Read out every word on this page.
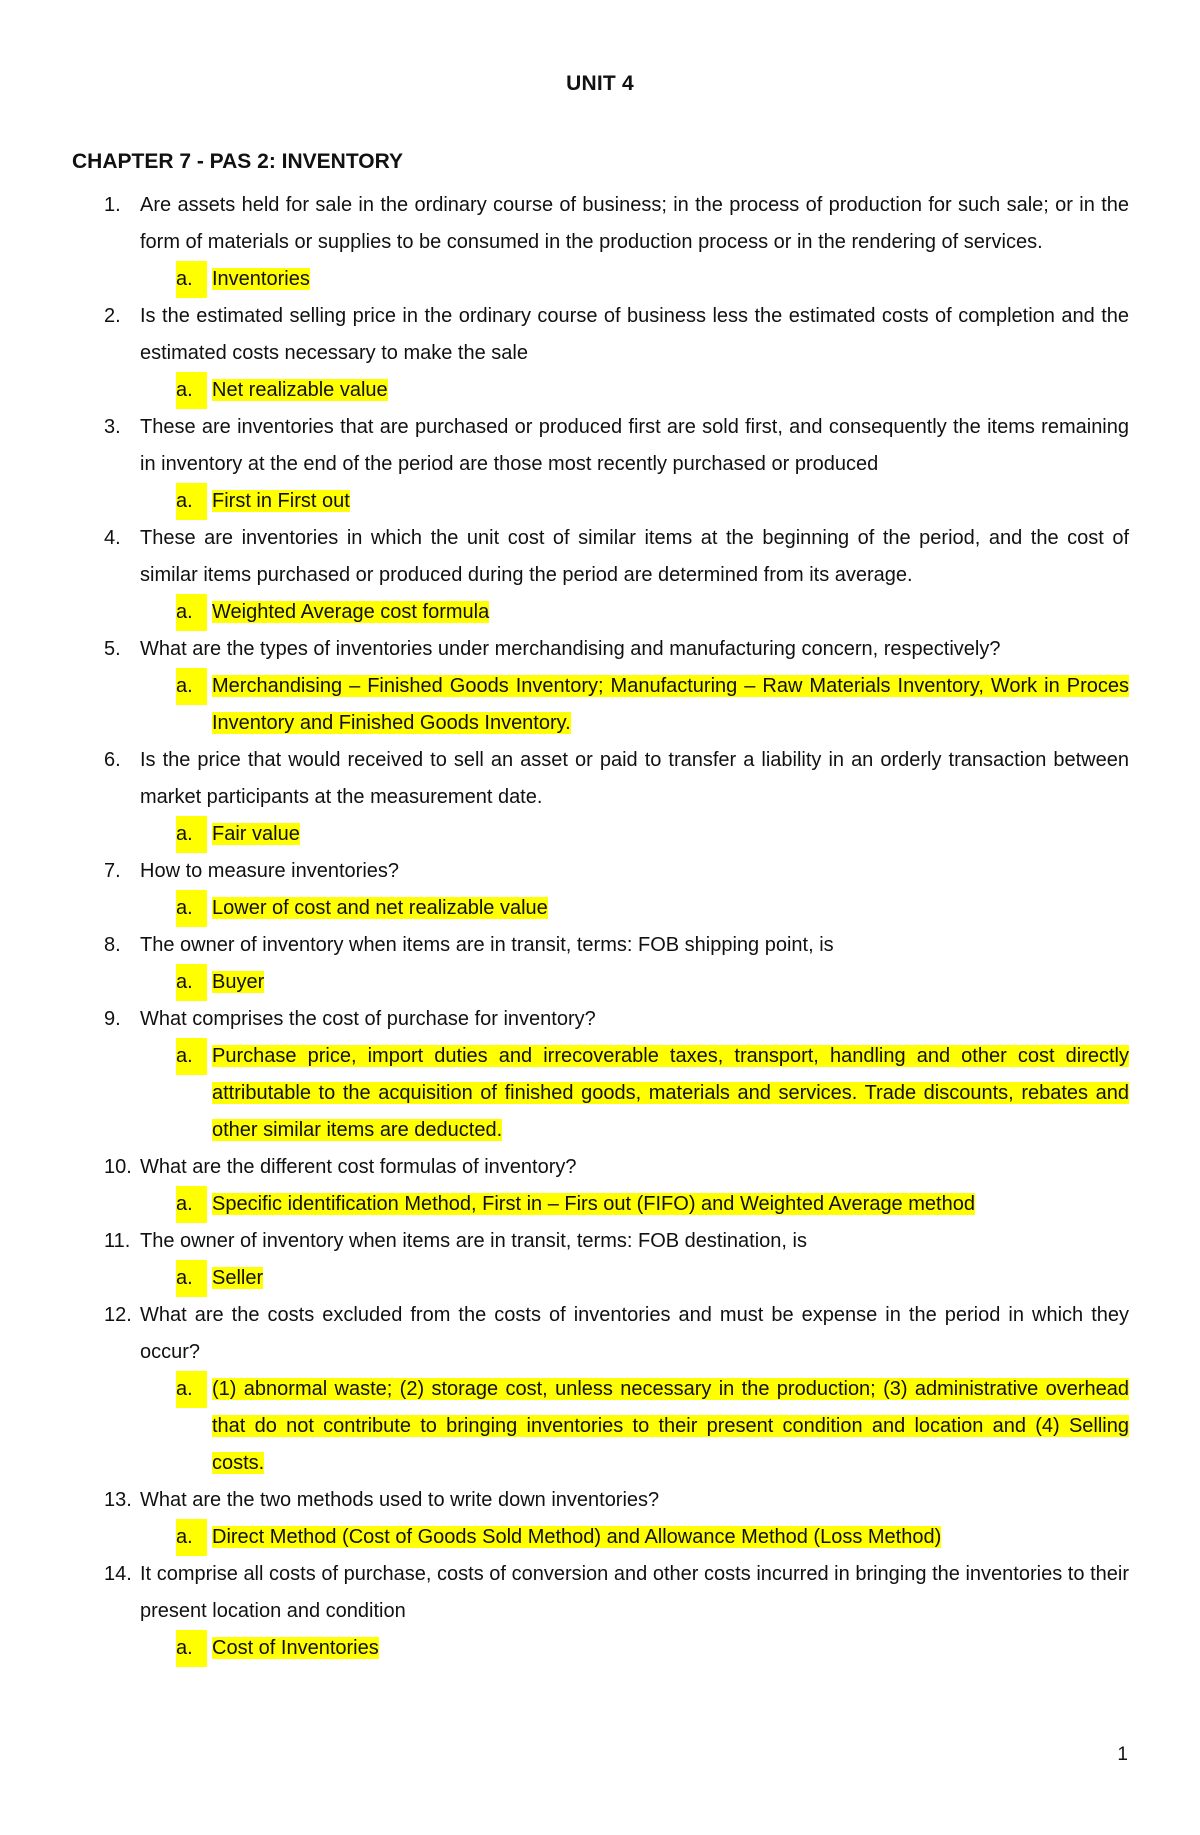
UNIT 4
CHAPTER 7 - PAS 2: INVENTORY
1. Are assets held for sale in the ordinary course of business; in the process of production for such sale; or in the form of materials or supplies to be consumed in the production process or in the rendering of services.
a. Inventories
2. Is the estimated selling price in the ordinary course of business less the estimated costs of completion and the estimated costs necessary to make the sale
a. Net realizable value
3. These are inventories that are purchased or produced first are sold first, and consequently the items remaining in inventory at the end of the period are those most recently purchased or produced
a. First in First out
4. These are inventories in which the unit cost of similar items at the beginning of the period, and the cost of similar items purchased or produced during the period are determined from its average.
a. Weighted Average cost formula
5. What are the types of inventories under merchandising and manufacturing concern, respectively?
a. Merchandising – Finished Goods Inventory; Manufacturing – Raw Materials Inventory, Work in Proces Inventory and Finished Goods Inventory.
6. Is the price that would received to sell an asset or paid to transfer a liability in an orderly transaction between market participants at the measurement date.
a. Fair value
7. How to measure inventories?
a. Lower of cost and net realizable value
8. The owner of inventory when items are in transit, terms: FOB shipping point, is
a. Buyer
9. What comprises the cost of purchase for inventory?
a. Purchase price, import duties and irrecoverable taxes, transport, handling and other cost directly attributable to the acquisition of finished goods, materials and services. Trade discounts, rebates and other similar items are deducted.
10. What are the different cost formulas of inventory?
a. Specific identification Method, First in – Firs out (FIFO) and Weighted Average method
11. The owner of inventory when items are in transit, terms: FOB destination, is
a. Seller
12. What are the costs excluded from the costs of inventories and must be expense in the period in which they occur?
a. (1) abnormal waste; (2) storage cost, unless necessary in the production; (3) administrative overhead that do not contribute to bringing inventories to their present condition and location and (4) Selling costs.
13. What are the two methods used to write down inventories?
a. Direct Method (Cost of Goods Sold Method) and Allowance Method (Loss Method)
14. It comprise all costs of purchase, costs of conversion and other costs incurred in bringing the inventories to their present location and condition
a. Cost of Inventories
1
